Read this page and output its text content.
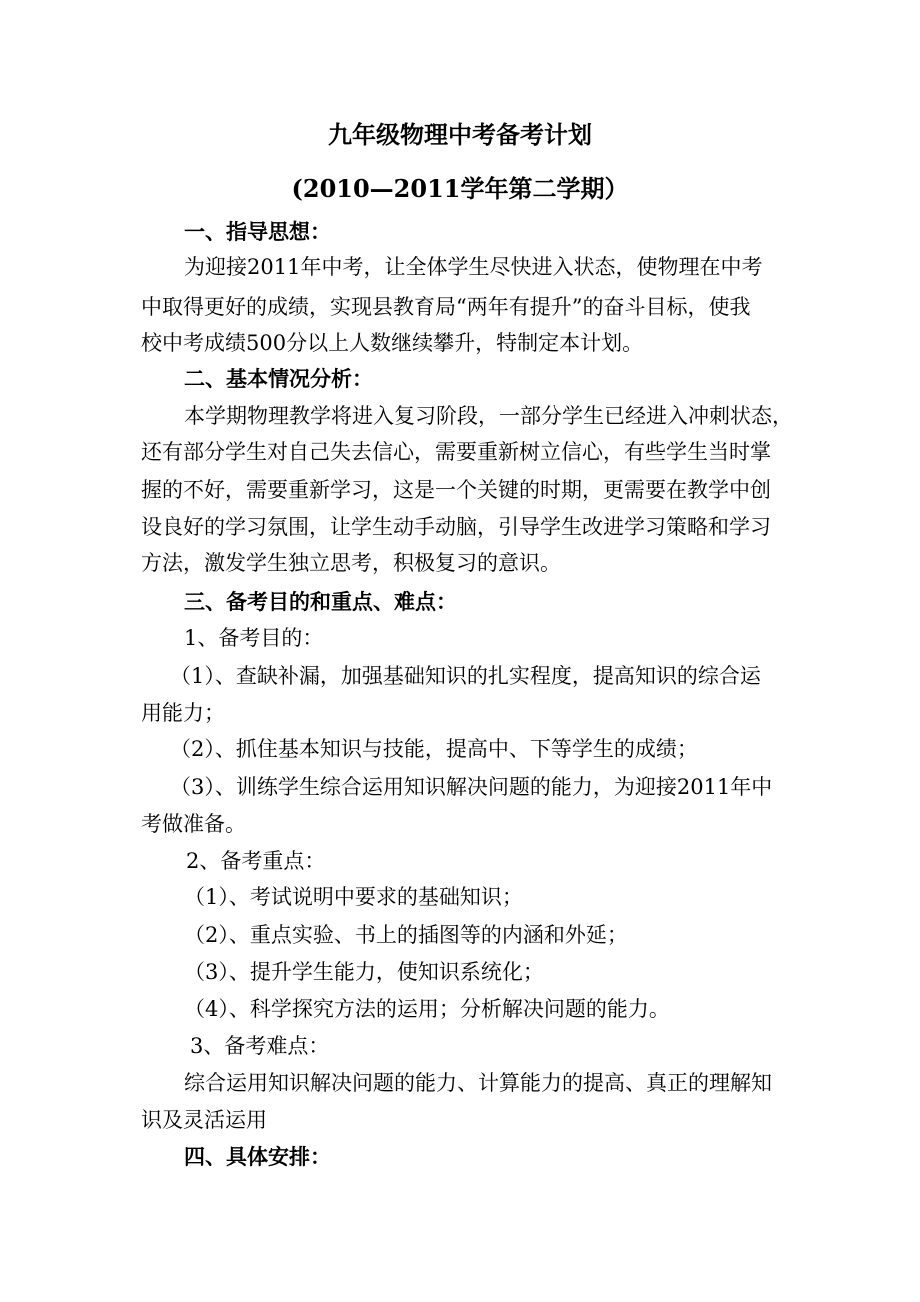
九年级物理中考备考计划
(2010—2011学年第二学期）
一、指导思想：
为迎接2011年中考，让全体学生尽快进入状态，使物理在中考
中取得更好的成绩，实现县教育局“两年有提升”的奋斗目标，使我
校中考成绩500分以上人数继续攀升，特制定本计划。
二、基本情况分析：
本学期物理教学将进入复习阶段，一部分学生已经进入冲刺状态，
还有部分学生对自己失去信心，需要重新树立信心，有些学生当时掌
握的不好，需要重新学习，这是一个关键的时期，更需要在教学中创
设良好的学习氛围，让学生动手动脑，引导学生改进学习策略和学习
方法，激发学生独立思考，积极复习的意识。
三、备考目的和重点、难点：
1、备考目的：
（1）、查缺补漏，加强基础知识的扎实程度，提高知识的综合运
用能力；
（2）、抓住基本知识与技能，提高中、下等学生的成绩；
（3）、训练学生综合运用知识解决问题的能力，为迎接2011年中
考做准备。
2、备考重点：
（1）、考试说明中要求的基础知识；
（2）、重点实验、书上的插图等的内涵和外延；
（3）、提升学生能力，使知识系统化；
（4）、科学探究方法的运用；分析解决问题的能力。
3、备考难点：
综合运用知识解决问题的能力、计算能力的提高、真正的理解知
识及灵活运用
四、具体安排：
